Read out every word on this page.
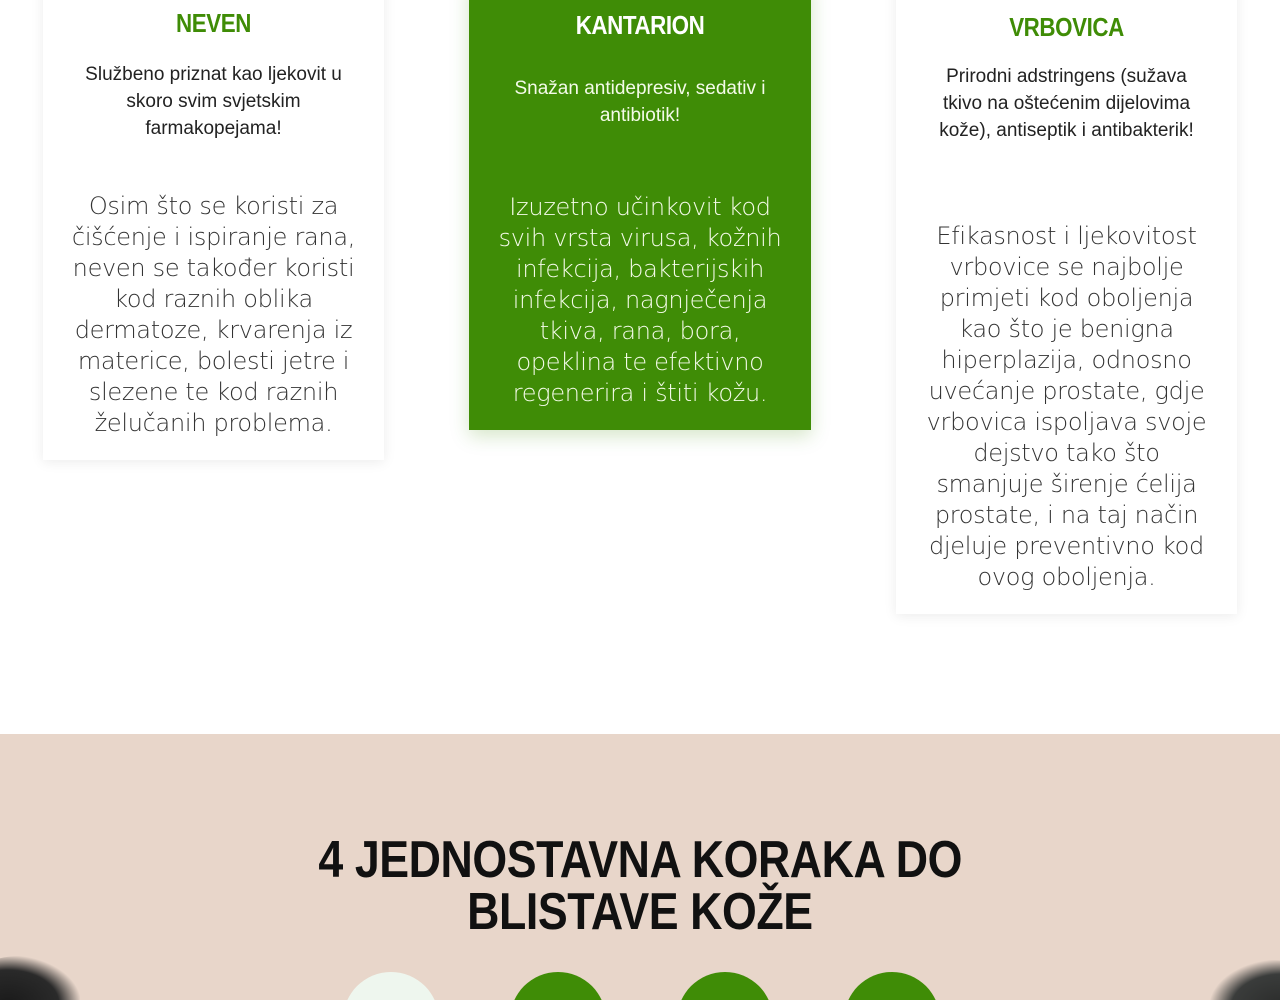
NEVEN
Službeno priznat kao ljekovit u skoro svim svjetskim farmakopejama!
Osim što se koristi za čišćenje i ispiranje rana, neven se također koristi kod raznih oblika dermatoze, krvarenja iz materice, bolesti jetre i slezene te kod raznih želučanih problema.
KANTARION
Snažan antidepresiv, sedativ i antibiotik!
Izuzetno učinkovit kod svih vrsta virusa, kožnih infekcija, bakterijskih infekcija, nagnječenja tkiva, rana, bora, opeklina te efektivno regenerira i štiti kožu.
VRBOVICA
Prirodni adstringens (sužava tkivo na oštećenim dijelovima kože), antiseptik i antibakterik!
Efikasnost i ljekovitost vrbovice se najbolje primjeti kod oboljenja kao što je benigna hiperplazija, odnosno uvećanje prostate, gdje vrbovica ispoljava svoje dejstvo tako što smanjuje širenje ćelija prostate, i na taj način djeluje preventivno kod ovog oboljenja.
4 JEDNOSTAVNA KORAKA DO
BLISTAVE KOŽE
